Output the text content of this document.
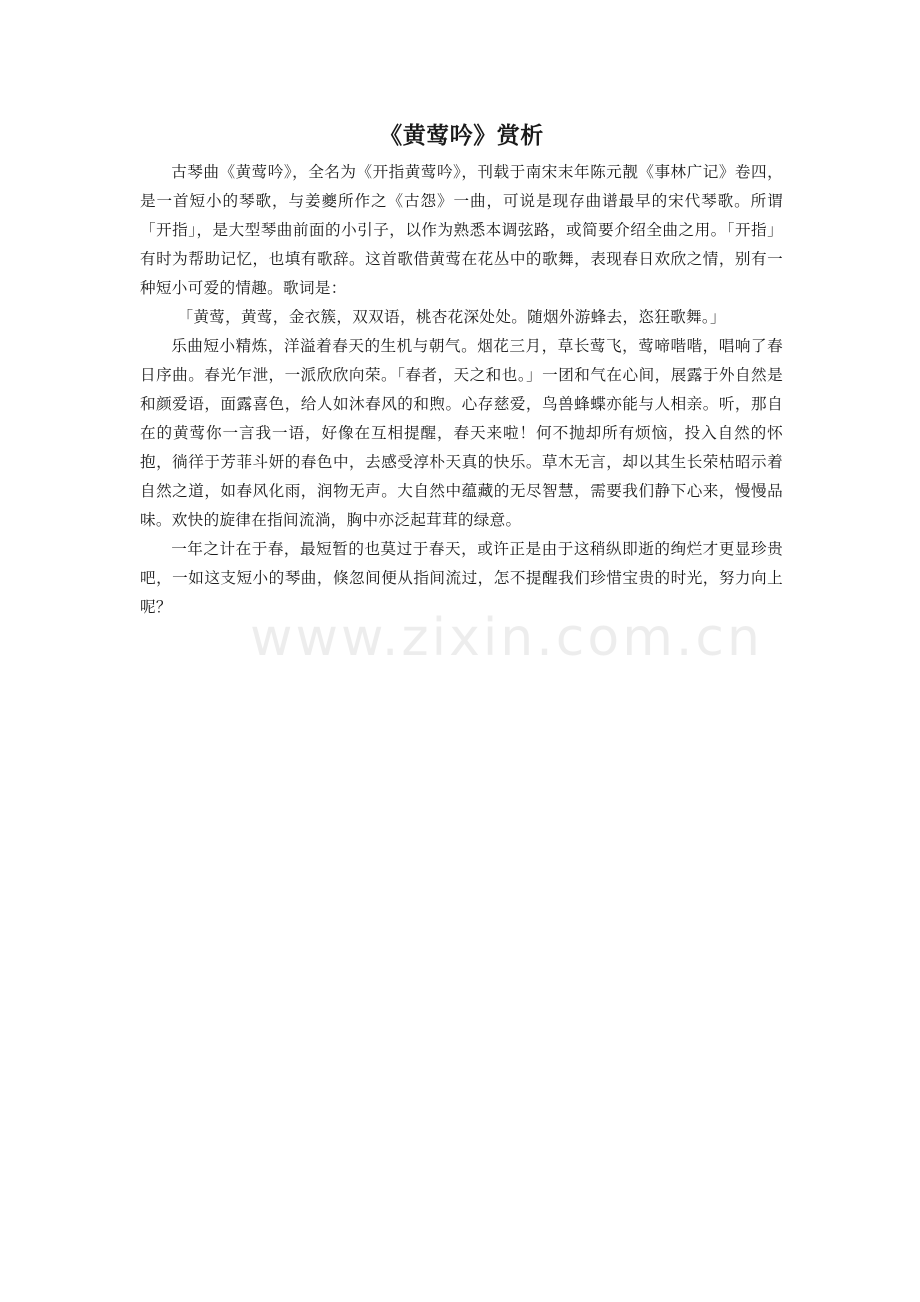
《黄莺吟》赏析

古琴曲《黄莺吟》，全名为《开指黄莺吟》，刊载于南宋末年陈元靓《事林广记》卷四，是一首短小的琴歌，与姜夔所作之《古怨》一曲，可说是现存曲谱最早的宋代琴歌。所谓「开指」，是大型琴曲前面的小引子，以作为熟悉本调弦路，或简要介绍全曲之用。「开指」有时为帮助记忆，也填有歌辞。这首歌借黄莺在花丛中的歌舞，表现春日欢欣之情，别有一种短小可爱的情趣。歌词是：

「黄莺，黄莺，金衣簇，双双语，桃杏花深处处。随烟外游蜂去，恣狂歌舞。」

乐曲短小精炼，洋溢着春天的生机与朝气。烟花三月，草长莺飞，莺啼喈喈，唱响了春日序曲。春光乍泄，一派欣欣向荣。「春者，天之和也。」一团和气在心间，展露于外自然是和颜爱语，面露喜色，给人如沐春风的和煦。心存慈爱，鸟兽蜂蝶亦能与人相亲。听，那自在的黄莺你一言我一语，好像在互相提醒，春天来啦！何不抛却所有烦恼，投入自然的怀抱，徜徉于芳菲斗妍的春色中，去感受淳朴天真的快乐。草木无言，却以其生长荣枯昭示着自然之道，如春风化雨，润物无声。大自然中蕴藏的无尽智慧，需要我们静下心来，慢慢品味。欢快的旋律在指间流淌，胸中亦泛起茸茸的绿意。

一年之计在于春，最短暂的也莫过于春天，或许正是由于这稍纵即逝的绚烂才更显珍贵吧，一如这支短小的琴曲，倏忽间便从指间流过，怎不提醒我们珍惜宝贵的时光，努力向上呢？

www.zixin.com.cn
